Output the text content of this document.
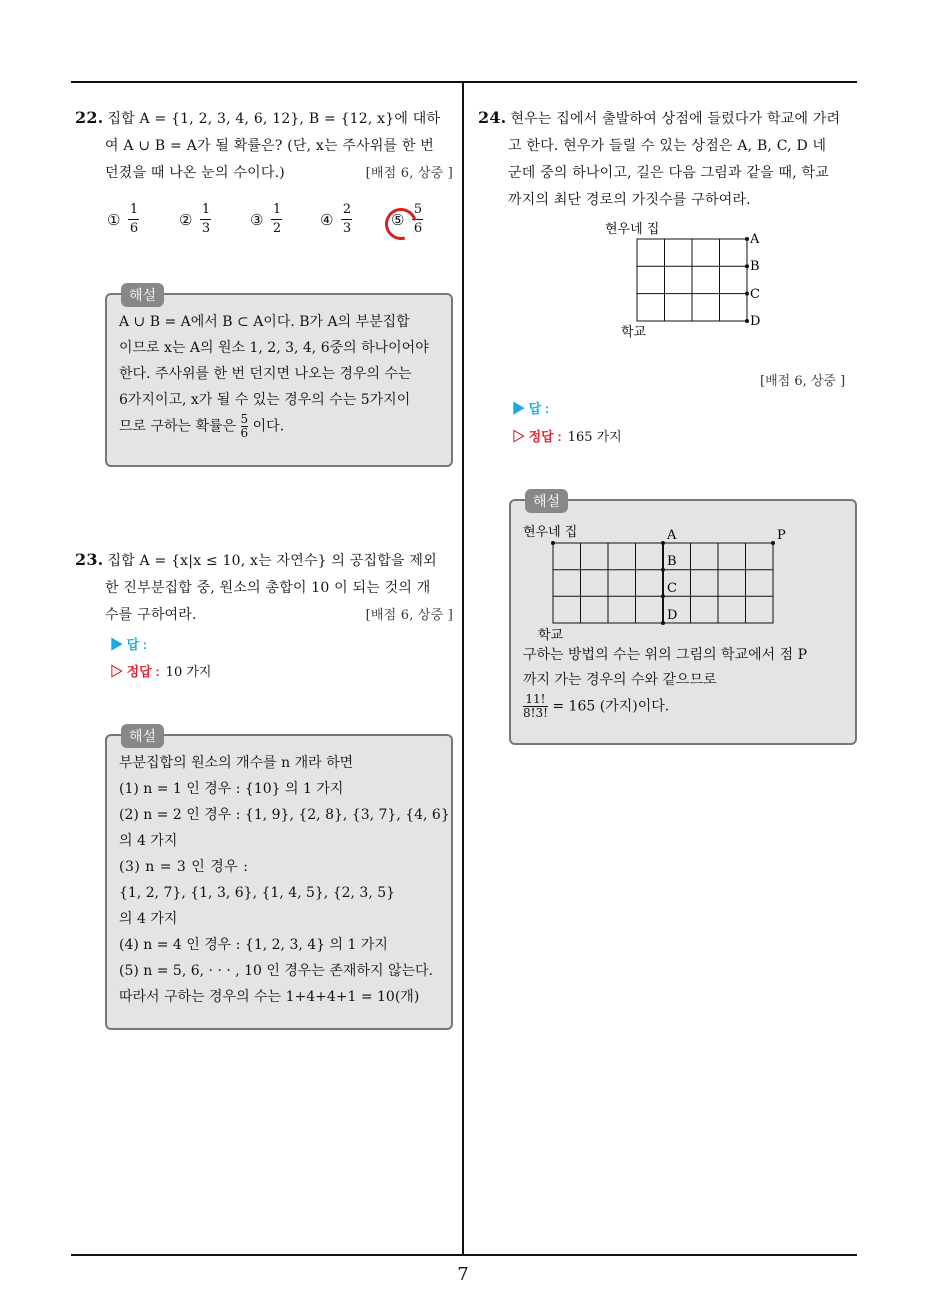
7
22. 집합 A = {1, 2, 3, 4, 6, 12}, B = {12, x}에 대하
여 A ∪ B = A가 될 확률은? (단, x는 주사위를 한 번
던졌을 때 나온 눈의 수이다.)	[배점 6, 상중 ]
① $\frac{1}{6}$	② $\frac{1}{3}$	③ $\frac{1}{2}$	④ $\frac{2}{3}$	⑤ $\frac{5}{6}$
해설
A ∪ B = A에서 B ⊂ A이다. B가 A의 부분집합
이므로 x는 A의 원소 1, 2, 3, 4, 6중의 하나이어야
한다. 주사위를 한 번 던지면 나오는 경우의 수는
6가지이고, x가 될 수 있는 경우의 수는 5가지이
므로 구하는 확률은 $\frac{5}{6}$ 이다.
23. 집합 A = {x|x ≤ 10, x는 자연수} 의 공집합을 제외
한 진부분집합 중, 원소의 총합이 10 이 되는 것의 개
수를 구하여라.	[배점 6, 상중 ]
▶ 답 :
▷ 정답 : 10 가지
해설
부분집합의 원소의 개수를 n 개라 하면
(1) n = 1 인 경우 : {10} 의 1 가지
(2) n = 2 인 경우 : {1, 9}, {2, 8}, {3, 7}, {4, 6}
의 4 가지
(3) n = 3 인 경우 :
{1, 2, 7}, {1, 3, 6}, {1, 4, 5}, {2, 3, 5}
의 4 가지
(4) n = 4 인 경우 : {1, 2, 3, 4} 의 1 가지
(5) n = 5, 6, · · · , 10 인 경우는 존재하지 않는다.
따라서 구하는 경우의 수는 1+4+4+1 = 10(개)
24. 현우는 집에서 출발하여 상점에 들렀다가 학교에 가려
고 한다. 현우가 들릴 수 있는 상점은 A, B, C, D 네
군데 중의 하나이고, 길은 다음 그림과 같을 때, 학교
까지의 최단 경로의 가짓수를 구하여라.
현우네 집
A
B
C
D
학교
[배점 6, 상중 ]
▶ 답 :
▷ 정답 : 165 가지
해설
현우네 집	A	P
B
C
D
학교
구하는 방법의 수는 위의 그림의 학교에서 점 P
까지 가는 경우의 수와 같으므로
$\frac{11!}{8!3!} = 165$ (가지)이다.
